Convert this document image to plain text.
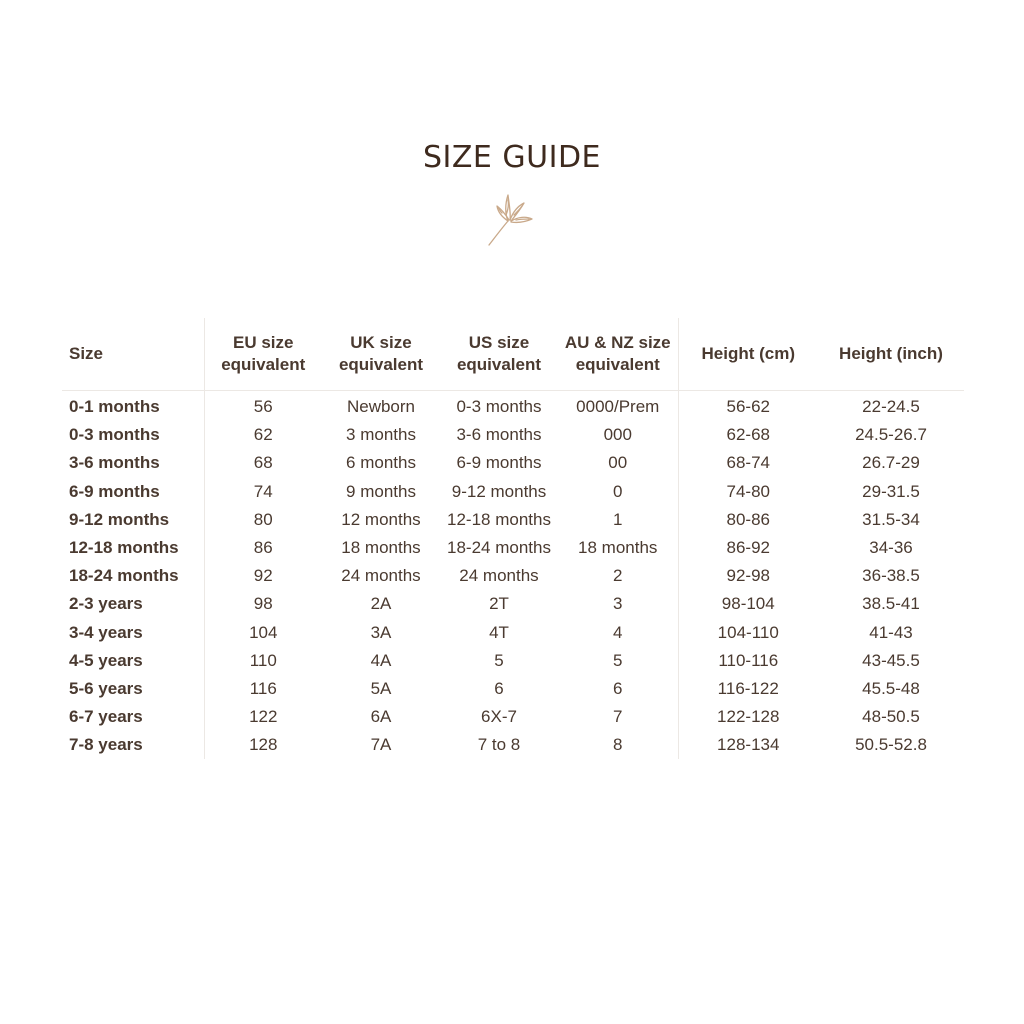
SIZE GUIDE
Size	EU size equivalent	UK size equivalent	US size equivalent	AU & NZ size equivalent	Height (cm)	Height (inch)
0-1 months	56	Newborn	0-3 months	0000/Prem	56-62	22-24.5
0-3 months	62	3 months	3-6 months	000	62-68	24.5-26.7
3-6 months	68	6 months	6-9 months	00	68-74	26.7-29
6-9 months	74	9 months	9-12 months	0	74-80	29-31.5
9-12 months	80	12 months	12-18 months	1	80-86	31.5-34
12-18 months	86	18 months	18-24 months	18 months	86-92	34-36
18-24 months	92	24 months	24 months	2	92-98	36-38.5
2-3 years	98	2A	2T	3	98-104	38.5-41
3-4 years	104	3A	4T	4	104-110	41-43
4-5 years	110	4A	5	5	110-116	43-45.5
5-6 years	116	5A	6	6	116-122	45.5-48
6-7 years	122	6A	6X-7	7	122-128	48-50.5
7-8 years	128	7A	7 to 8	8	128-134	50.5-52.8
